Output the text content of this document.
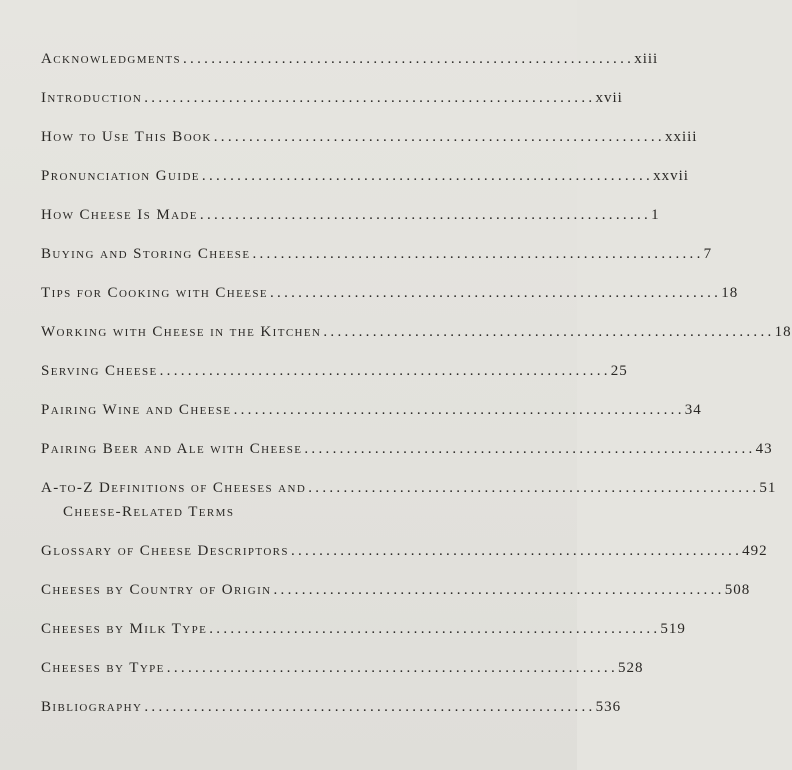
Acknowledgments ................................................................ xiii
Introduction ................................................................ xvii
How to Use This Book ................................................................ xxiii
Pronunciation Guide ................................................................ xxvii
How Cheese Is Made ................................................................ 1
Buying and Storing Cheese ................................................................ 7
Tips for Cooking with Cheese ................................................................ 18
Working with Cheese in the Kitchen ................................................................ 18
Serving Cheese ................................................................ 25
Pairing Wine and Cheese ................................................................ 34
Pairing Beer and Ale with Cheese ................................................................ 43
A-to-Z Definitions of Cheeses and ................................................................ 51
Cheese-Related Terms
Glossary of Cheese Descriptors ................................................................ 492
Cheeses by Country of Origin ................................................................ 508
Cheeses by Milk Type ................................................................ 519
Cheeses by Type ................................................................ 528
Bibliography ................................................................ 536
